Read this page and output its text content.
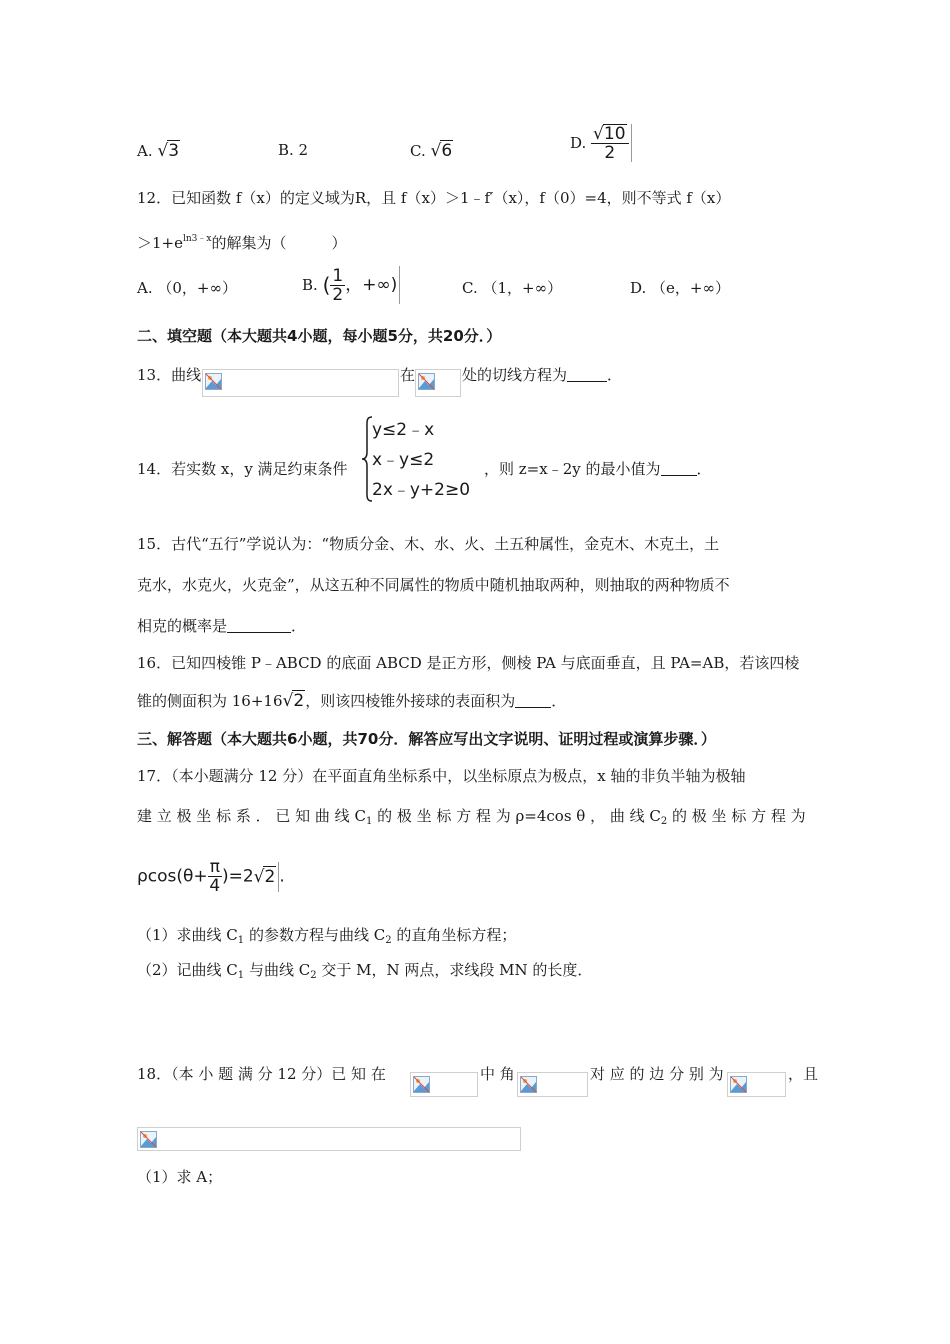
A. √3	B. 2	C. √6	D. $\frac{√10}{2}$
12．已知函数 f（x）的定义域为R，且 f（x）＞1﹣f′（x），f（0）=4，则不等式 f（x）
$>1+e^{ln3﹣x}$的解集为（　　　）
A. （0，+∞）	B. ( $\frac{1}{2}$ ，+∞)	C. （1，+∞）	D. （e，+∞）
二、填空题（本大题共4小题，每小题5分，共20分．）
13．曲线	在	处的切线方程为	．
14．若实数 x，y 满足约束条件
y≤2﹣x
x﹣y≤2
2x﹣y+2≥0
，则 z=x﹣2y 的最小值为 ．
15．古代“五行”学说认为：“物质分金、木、水、火、土五种属性，金克木、木克土，土
克水，水克火，火克金”，从这五种不同属性的物质中随机抽取两种，则抽取的两种物质不
相克的概率是	．
16．已知四棱锥 P﹣ABCD 的底面 ABCD 是正方形，侧棱 PA 与底面垂直，且 PA=AB，若该四棱
锥的侧面积为 16+16√2，则该四棱锥外接球的表面积为 ．
三、解答题（本大题共6小题，共70分．解答应写出文字说明、证明过程或演算步骤．）
17．（本小题满分 12 分）在平面直角坐标系中，以坐标原点为极点，x 轴的非负半轴为极轴
建 立 极 坐 标 系 ． 已 知 曲 线 $C_1$ 的 极 坐 标 方 程 为 ρ=4cos θ ， 曲 线 $C_2$ 的 极 坐 标 方 程 为
$\rho\cos(\theta+ \frac{\pi}{4} )=2√2$ .
（1）求曲线 $C_1$ 的参数方程与曲线 $C_2$ 的直角坐标方程；
（2）记曲线 $C_1$ 与曲线 $C_2$ 交于 M，N 两点，求线段 MN 的长度．
18．（本 小 题 满 分 12 分）已 知 在	中 角	对 应 的 边 分 别 为	，且
（1）求 A；
